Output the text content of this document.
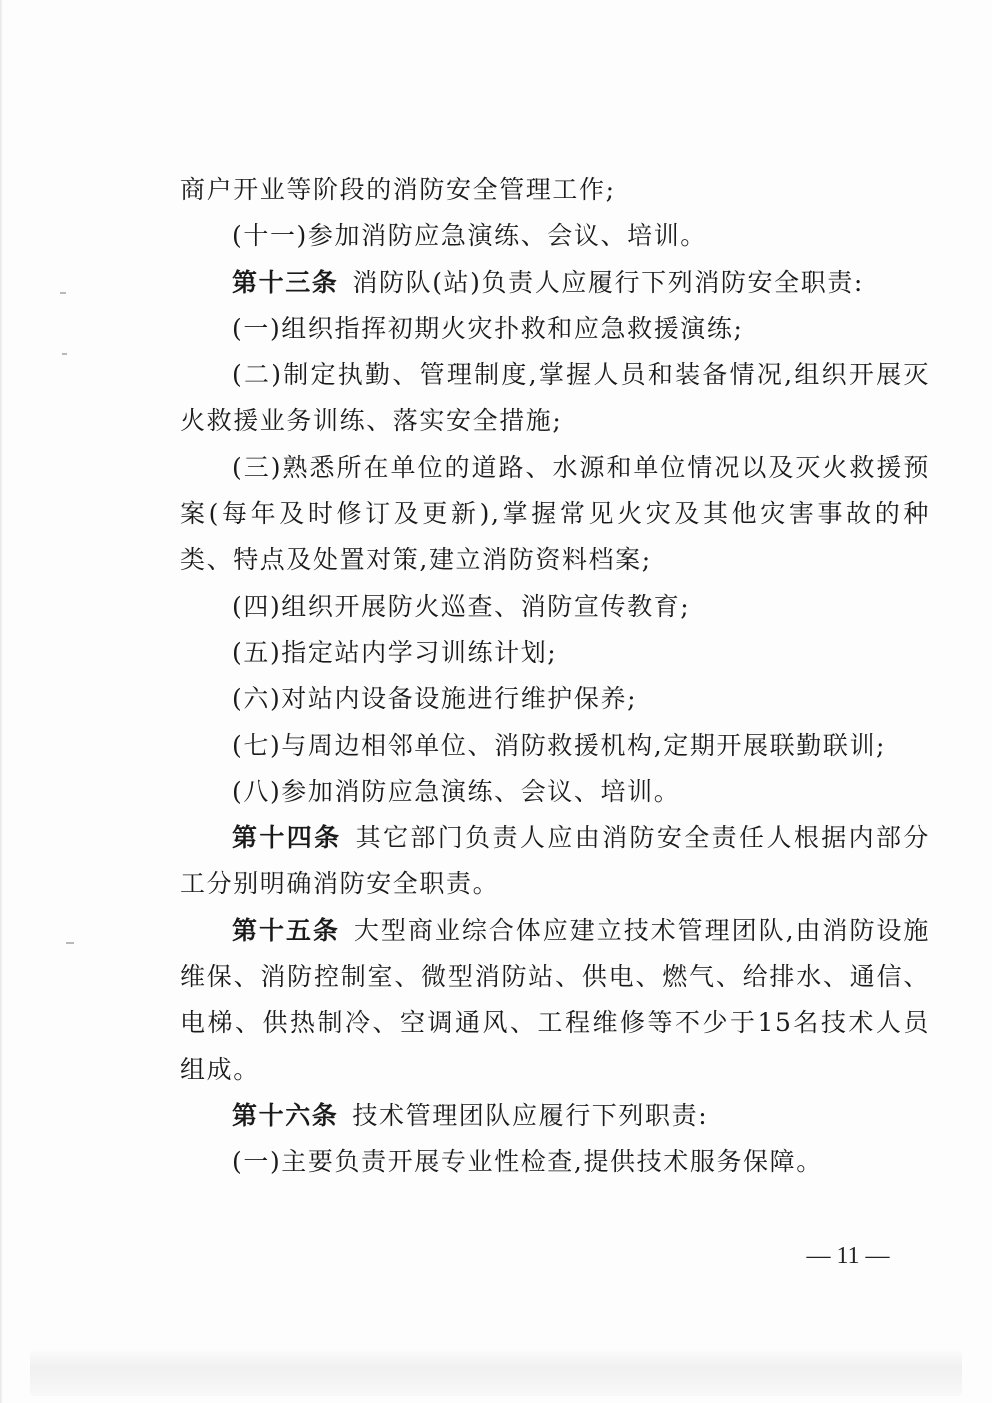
商户开业等阶段的消防安全管理工作;

(十一)参加消防应急演练、会议、培训。

第十三条 消防队(站)负责人应履行下列消防安全职责:

(一)组织指挥初期火灾扑救和应急救援演练;

(二)制定执勤、管理制度,掌握人员和装备情况,组织开展灭火救援业务训练、落实安全措施;

(三)熟悉所在单位的道路、水源和单位情况以及灭火救援预案(每年及时修订及更新),掌握常见火灾及其他灾害事故的种类、特点及处置对策,建立消防资料档案;

(四)组织开展防火巡查、消防宣传教育;

(五)指定站内学习训练计划;

(六)对站内设备设施进行维护保养;

(七)与周边相邻单位、消防救援机构,定期开展联勤联训;

(八)参加消防应急演练、会议、培训。

第十四条 其它部门负责人应由消防安全责任人根据内部分工分别明确消防安全职责。

第十五条 大型商业综合体应建立技术管理团队,由消防设施维保、消防控制室、微型消防站、供电、燃气、给排水、通信、电梯、供热制冷、空调通风、工程维修等不少于15名技术人员组成。

第十六条 技术管理团队应履行下列职责:

(一)主要负责开展专业性检查,提供技术服务保障。

— 11 —
